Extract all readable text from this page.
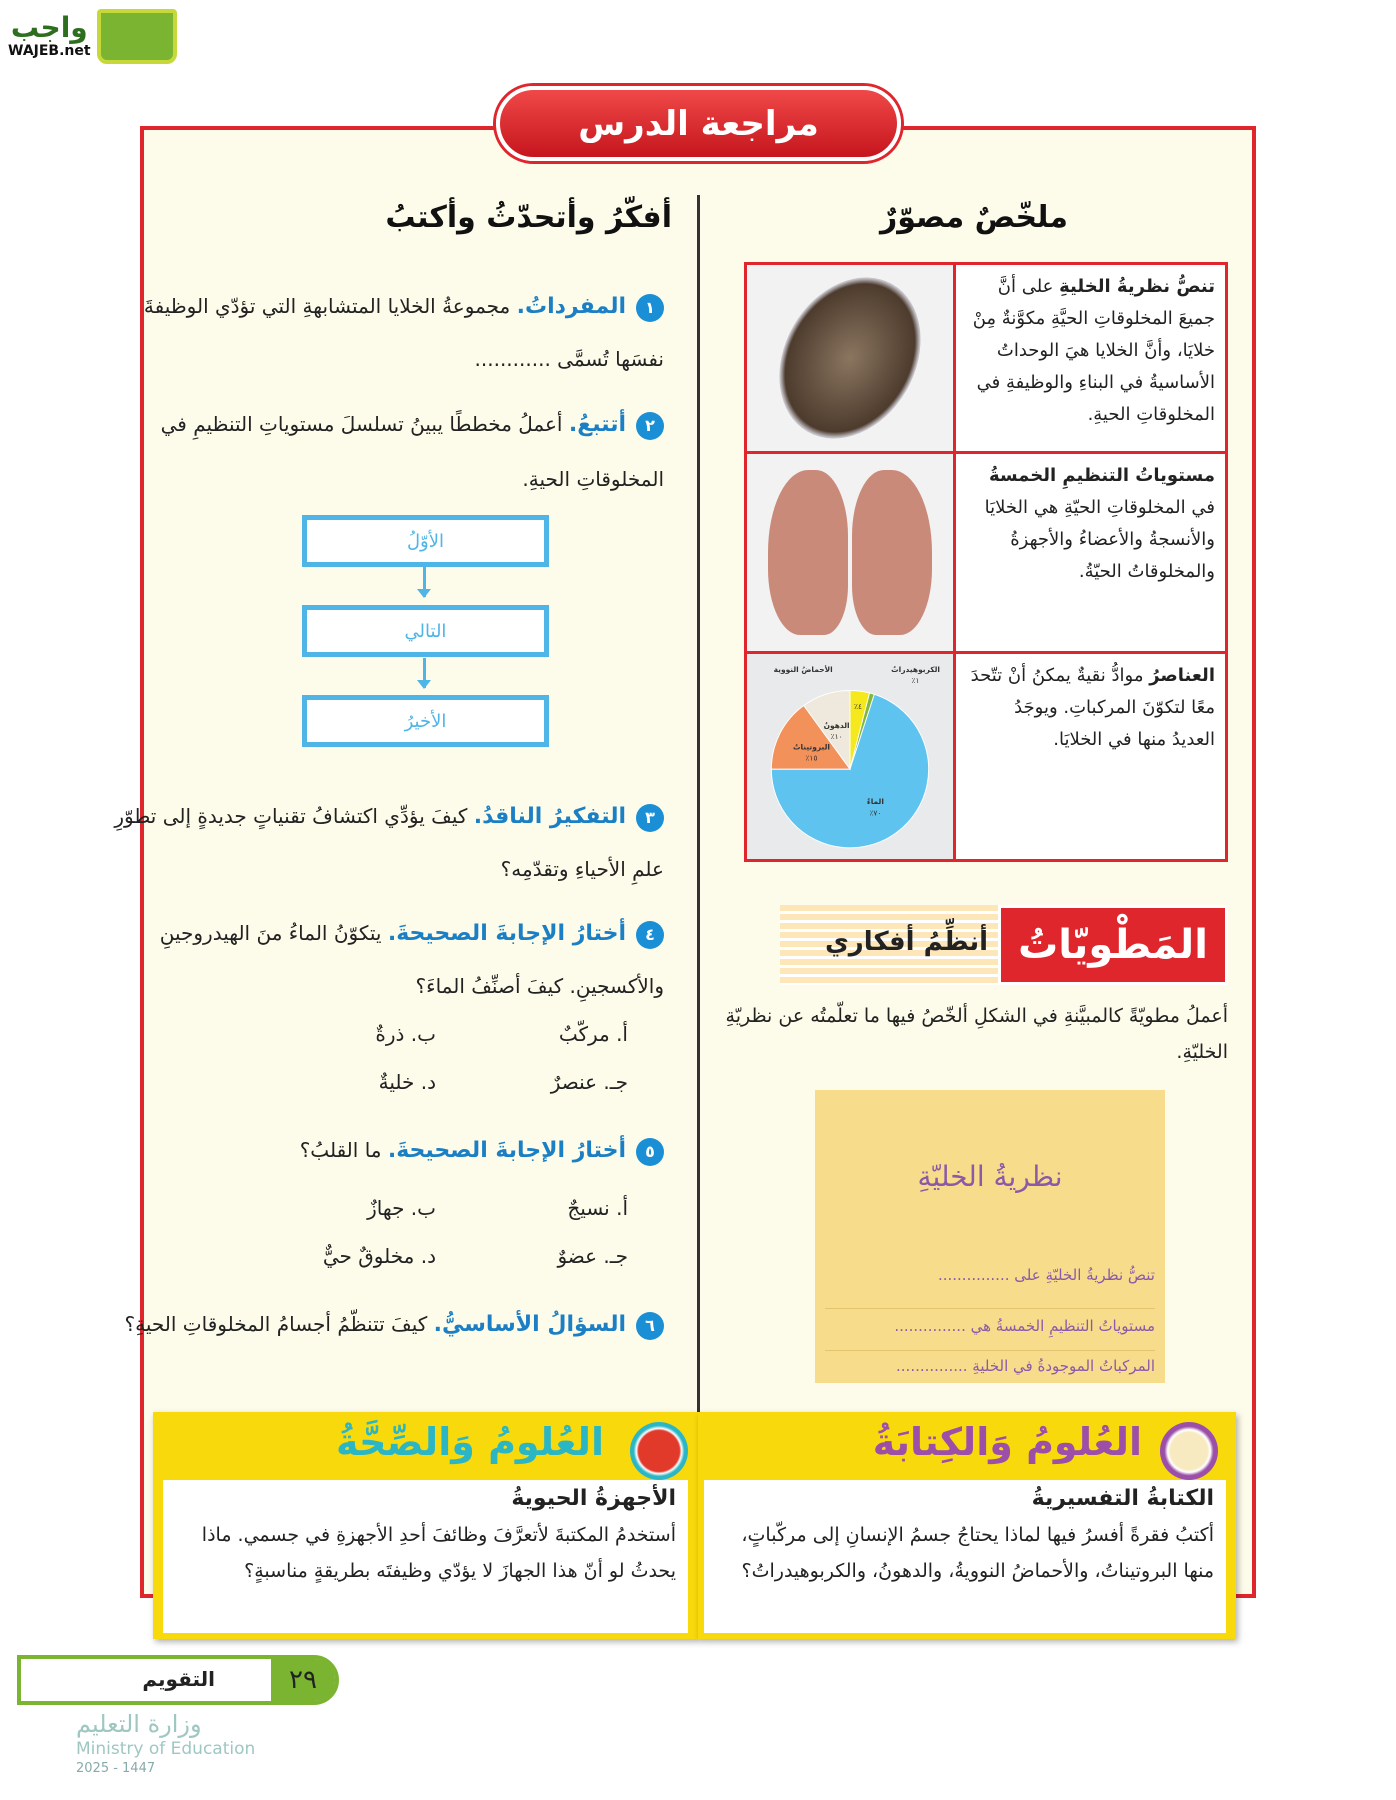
واجب
WAJEB.net
مراجعة الدرس
ملخّصٌ مصوّرٌ
أفكّرُ وأتحدّثُ وأكتبُ
تنصُّ نظريةُ الخليةِ على أنَّ جميعَ المخلوقاتِ الحيَّةِ مكوَّنةٌ مِنْ خلايَا، وأنَّ الخلايا هيَ الوحداتُ الأساسيةُ في البناءِ والوظيفةِ في المخلوقاتِ الحيةِ.
مستوياتُ التنظيمِ الخمسةُ في المخلوقاتِ الحيّةِ هي الخلايَا والأنسجةُ والأعضاءُ والأجهزةُ والمخلوقاتُ الحيّةُ.
العناصرُ موادُّ نقيةٌ يمكنُ أنْ تتّحدَ معًا لتكوّنَ المركباتِ. ويوجَدُ العديدُ منها في الخلايَا.
الأحماضُ النووية
٪٤
الكربوهيدراتُ
٪١
الماءُ
٪٧٠
البروتيناتُ
٪١٥
الدهونُ
٪١٠
المَطْويّاتُ
أنظِّمُ أفكاري
أعملُ مطويّةً كالمبيَّنةِ في الشكلِ ألخّصُ فيها ما تعلّمتُه عن نظريّةِ الخليّةِ.
نظريةُ الخليّةِ
تنصُّ نظريةُ الخليّةِ على ...............
مستوياتُ التنظيمِ الخمسةُ هي ...............
المركباتُ الموجودةُ في الخليةِ ...............
١المفرداتُ. مجموعةُ الخلايا المتشابهةِ التي تؤدّي الوظيفةَ نفسَها تُسمَّى ............
٢أتتبعُ. أعملُ مخططًا يبينُ تسلسلَ مستوياتِ التنظيمِ في المخلوقاتِ الحيةِ.
الأوّلُ
التالي
الأخيرُ
٣التفكيرُ الناقدُ. كيفَ يؤدِّي اكتشافُ تقنياتٍ جديدةٍ إلى تطوّرِ علمِ الأحياءِ وتقدّمِه؟
٤أختارُ الإجابةَ الصحيحةَ. يتكوّنُ الماءُ منَ الهيدروجينِ والأكسجينِ. كيفَ أصنِّفُ الماءَ؟
أ. مركّبٌ
ب. ذرةٌ
جـ. عنصرٌ
د. خليةٌ
٥أختارُ الإجابةَ الصحيحةَ. ما القلبُ؟
أ. نسيجٌ
ب. جهازٌ
جـ. عضوٌ
د. مخلوقٌ حيٌّ
٦السؤالُ الأساسيُّ. كيفَ تتنظّمُ أجسامُ المخلوقاتِ الحيةِ؟
العُلومُ وَالصِّحَّةُ
الأجهزةُ الحيويةُ

أستخدمُ المكتبةَ لأتعرَّفَ وظائفَ أحدِ الأجهزةِ في جسمي. ماذا يحدثُ لو أنّ هذا الجهازَ لا يؤدّي وظيفتَه بطريقةٍ مناسبةٍ؟

العُلومُ وَالكِتابَةُ
الكتابةُ التفسيريةُ

أكتبُ فقرةً أفسرُ فيها لماذا يحتاجُ جسمُ الإنسانِ إلى مركّباتٍ، منها البروتيناتُ، والأحماضُ النوويةُ، والدهونُ، والكربوهيدراتُ؟

٢٩
التقويم
وزارة التعليم
Ministry of Education
2025 - 1447
